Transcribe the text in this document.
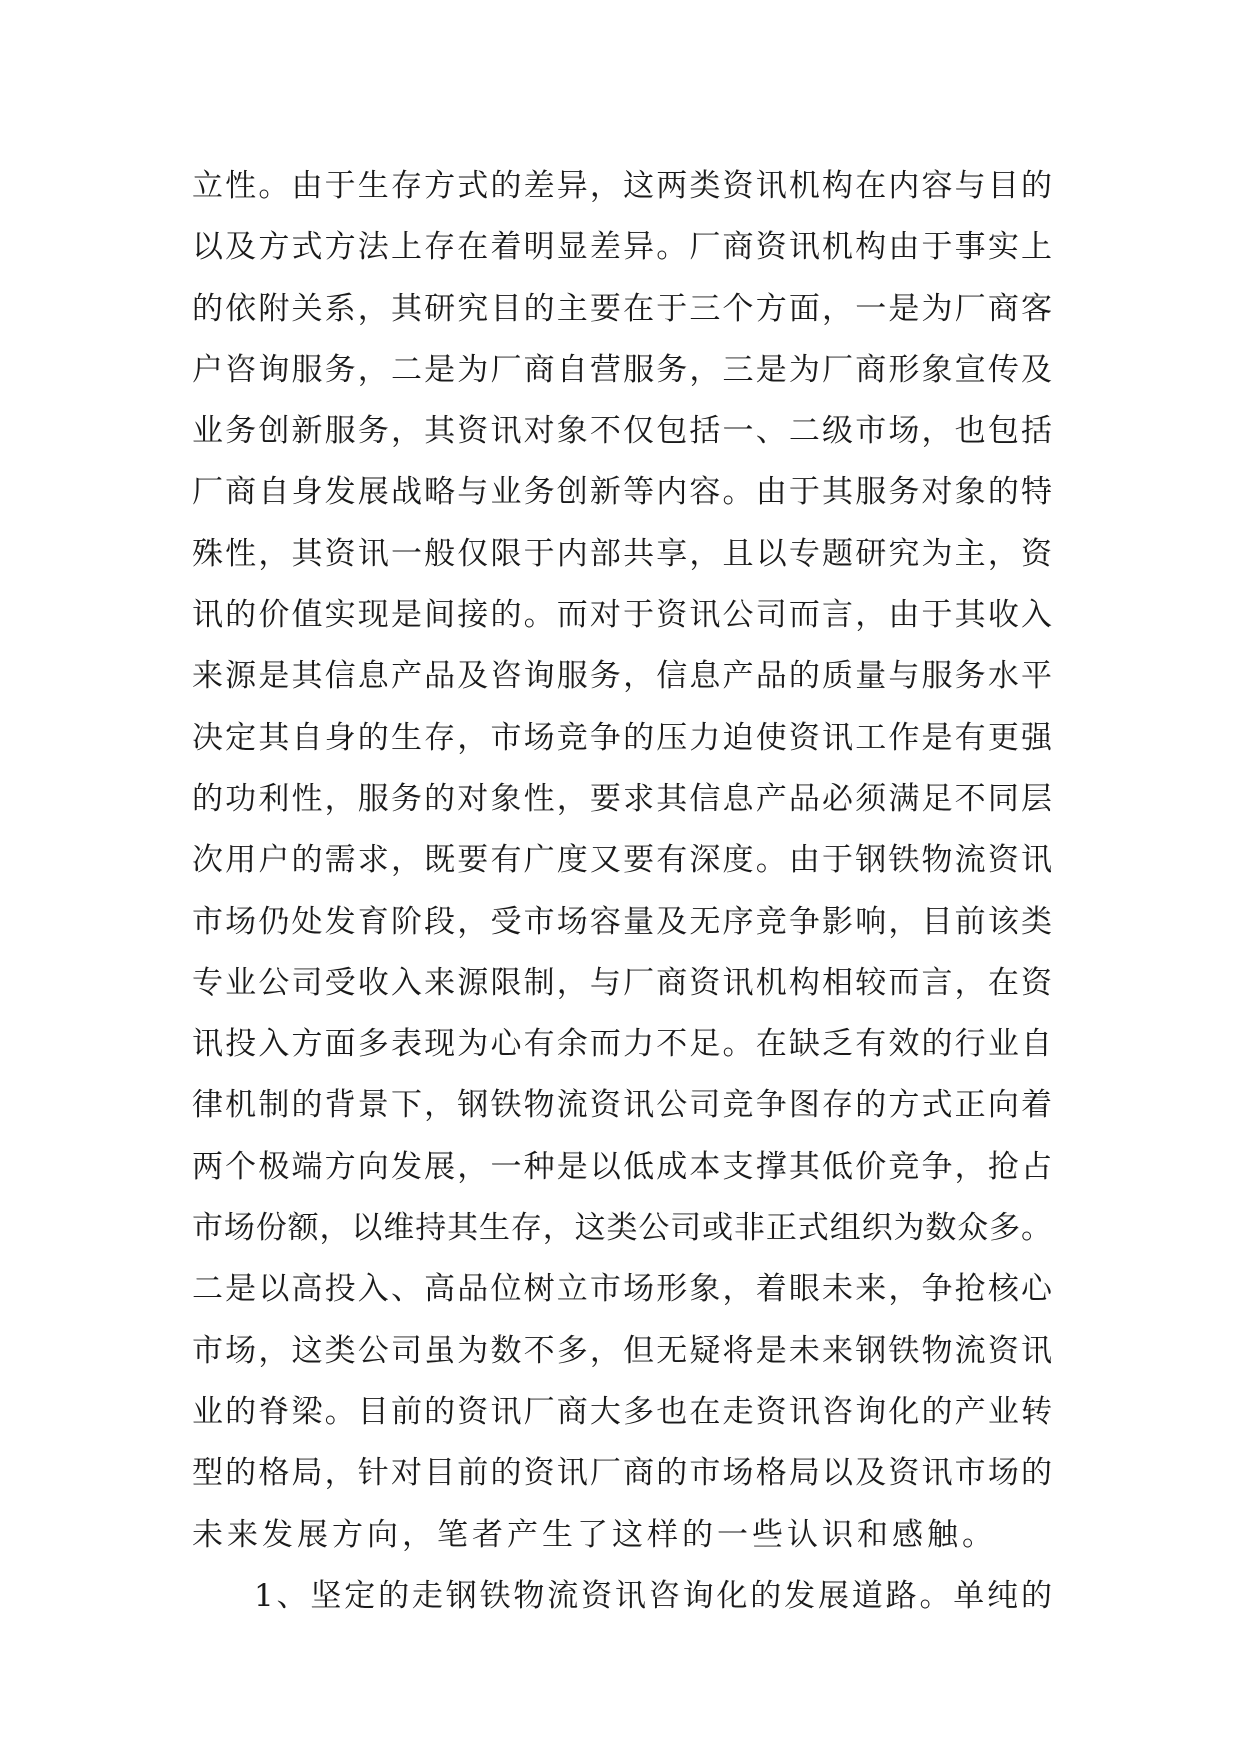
立性。由于生存方式的差异，这两类资讯机构在内容与目的
以及方式方法上存在着明显差异。厂商资讯机构由于事实上
的依附关系，其研究目的主要在于三个方面，一是为厂商客
户咨询服务，二是为厂商自营服务，三是为厂商形象宣传及
业务创新服务，其资讯对象不仅包括一、二级市场，也包括
厂商自身发展战略与业务创新等内容。由于其服务对象的特
殊性，其资讯一般仅限于内部共享，且以专题研究为主，资
讯的价值实现是间接的。而对于资讯公司而言，由于其收入
来源是其信息产品及咨询服务，信息产品的质量与服务水平
决定其自身的生存，市场竞争的压力迫使资讯工作是有更强
的功利性，服务的对象性，要求其信息产品必须满足不同层
次用户的需求，既要有广度又要有深度。由于钢铁物流资讯
市场仍处发育阶段，受市场容量及无序竞争影响，目前该类
专业公司受收入来源限制，与厂商资讯机构相较而言，在资
讯投入方面多表现为心有余而力不足。在缺乏有效的行业自
律机制的背景下，钢铁物流资讯公司竞争图存的方式正向着
两个极端方向发展，一种是以低成本支撑其低价竞争，抢占
市场份额，以维持其生存，这类公司或非正式组织为数众多。
二是以高投入、高品位树立市场形象，着眼未来，争抢核心
市场，这类公司虽为数不多，但无疑将是未来钢铁物流资讯
业的脊梁。目前的资讯厂商大多也在走资讯咨询化的产业转
型的格局，针对目前的资讯厂商的市场格局以及资讯市场的
未来发展方向，笔者产生了这样的一些认识和感触。
1、坚定的走钢铁物流资讯咨询化的发展道路。单纯的
